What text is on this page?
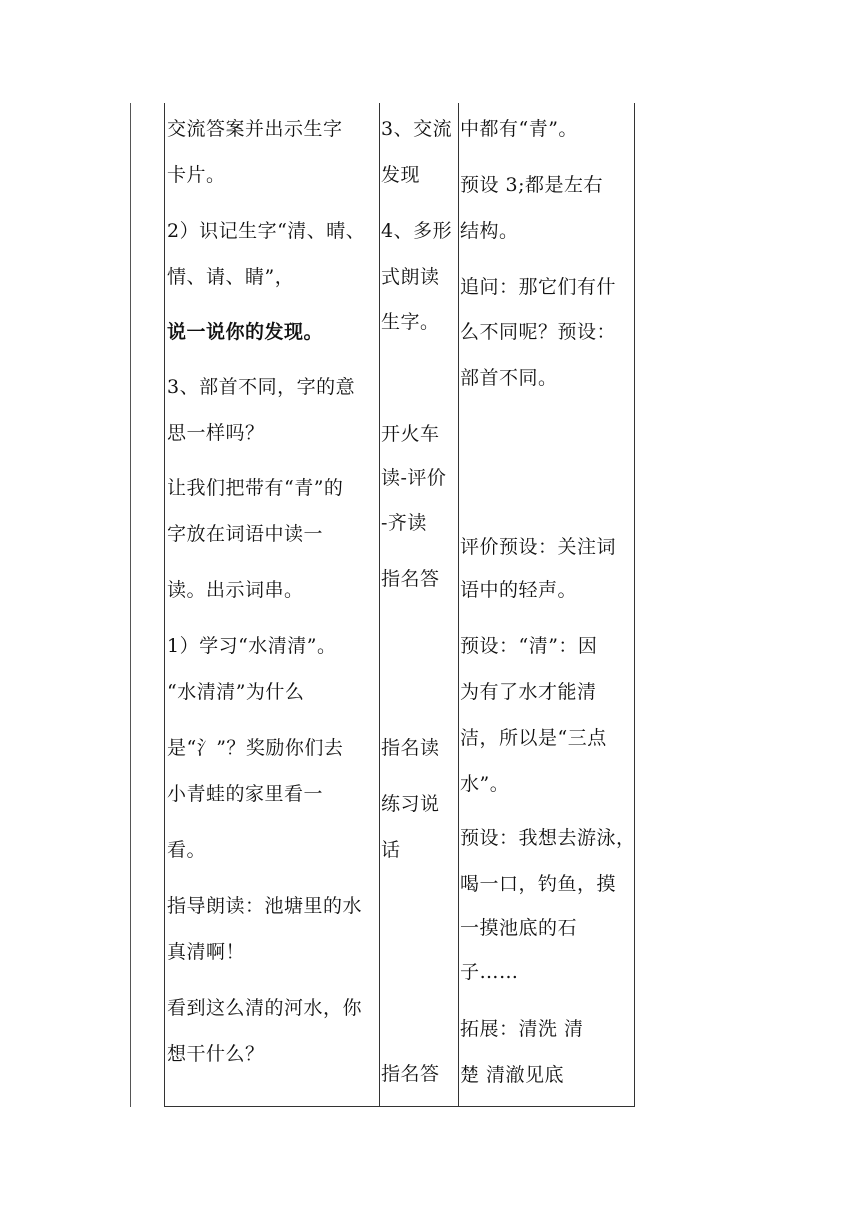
交流答案并出示生字
卡片。
2）识记生字“清、晴、
情、请、睛”，
说一说你的发现。
3、部首不同，字的意
思一样吗？
让我们把带有“青”的
字放在词语中读一
读。出示词串。
1）学习“水清清”。
“水清清”为什么
是“氵”？奖励你们去
小青蛙的家里看一
看。
指导朗读：池塘里的水
真清啊！
看到这么清的河水，你
想干什么？
3、交流
发现
4、多形
式朗读
生字。
开火车
读-评价
-齐读
指名答
指名读
练习说
话
指名答
中都有“青”。
预设 3;都是左右
结构。
追问：那它们有什
么不同呢？预设：
部首不同。
评价预设：关注词
语中的轻声。
预设：“清”：因
为有了水才能清
洁，所以是“三点
水”。
预设：我想去游泳，
喝一口，钓鱼，摸
一摸池底的石
子……
拓展：清洗 清
楚 清澈见底
